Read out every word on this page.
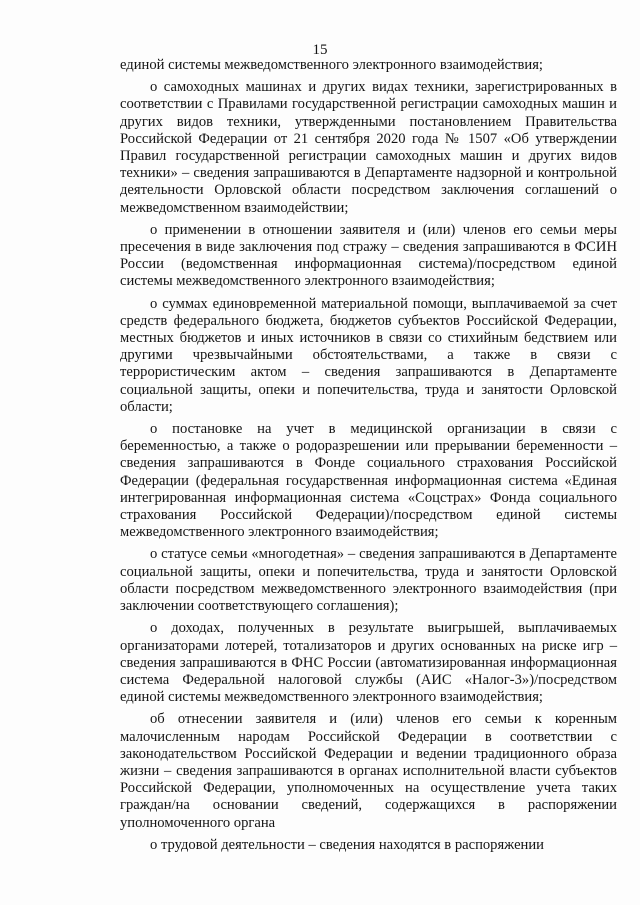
15

единой системы межведомственного электронного взаимодействия;

о самоходных машинах и других видах техники, зарегистрированных в соответствии с Правилами государственной регистрации самоходных машин и других видов техники, утвержденными постановлением Правительства Российской Федерации от 21 сентября 2020 года № 1507 «Об утверждении Правил государственной регистрации самоходных машин и других видов техники» – сведения запрашиваются в Департаменте надзорной и контрольной деятельности Орловской области посредством заключения соглашений о межведомственном взаимодействии;

о применении в отношении заявителя и (или) членов его семьи меры пресечения в виде заключения под стражу – сведения запрашиваются в ФСИН России (ведомственная информационная система)/посредством единой системы межведомственного электронного взаимодействия;

о суммах единовременной материальной помощи, выплачиваемой за счет средств федерального бюджета, бюджетов субъектов Российской Федерации, местных бюджетов и иных источников в связи со стихийным бедствием или другими чрезвычайными обстоятельствами, а также в связи с террористическим актом – сведения запрашиваются в Департаменте социальной защиты, опеки и попечительства, труда и занятости Орловской области;

о постановке на учет в медицинской организации в связи с беременностью, а также о родоразрешении или прерывании беременности – сведения запрашиваются в Фонде социального страхования Российской Федерации (федеральная государственная информационная система «Единая интегрированная информационная система «Соцстрах» Фонда социального страхования Российской Федерации)/посредством единой системы межведомственного электронного взаимодействия;

о статусе семьи «многодетная» – сведения запрашиваются в Департаменте социальной защиты, опеки и попечительства, труда и занятости Орловской области посредством межведомственного электронного взаимодействия (при заключении соответствующего соглашения);

о доходах, полученных в результате выигрышей, выплачиваемых организаторами лотерей, тотализаторов и других основанных на риске игр – сведения запрашиваются в ФНС России (автоматизированная информационная система Федеральной налоговой службы (АИС «Налог-3»)/посредством единой системы межведомственного электронного взаимодействия;

об отнесении заявителя и (или) членов его семьи к коренным малочисленным народам Российской Федерации в соответствии с законодательством Российской Федерации и ведении традиционного образа жизни – сведения запрашиваются в органах исполнительной власти субъектов Российской Федерации, уполномоченных на осуществление учета таких граждан/на основании сведений, содержащихся в распоряжении уполномоченного органа

о трудовой деятельности – сведения находятся в распоряжении
